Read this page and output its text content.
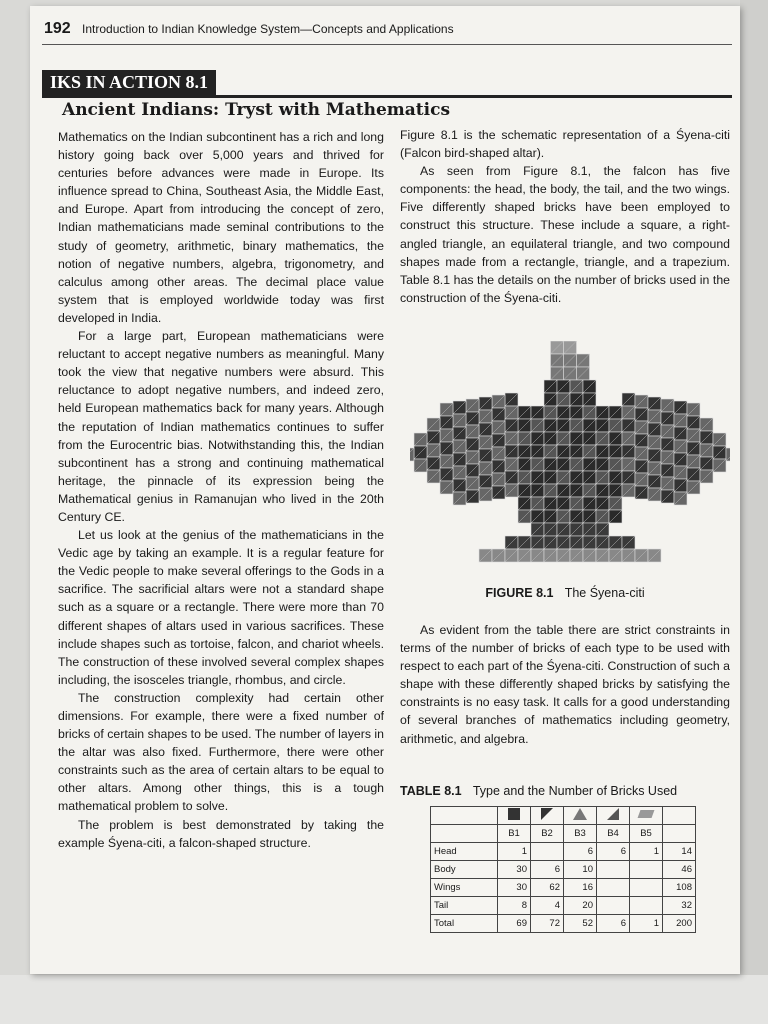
192 Introduction to Indian Knowledge System—Concepts and Applications
IKS IN ACTION 8.1
Ancient Indians: Tryst with Mathematics

Mathematics on the Indian subcontinent has a rich and long history going back over 5,000 years and thrived for centuries before advances were made in Europe. Its influence spread to China, Southeast Asia, the Middle East, and Europe. Apart from introducing the concept of zero, Indian mathematicians made seminal contributions to the study of geometry, arithmetic, binary mathematics, the notion of negative numbers, algebra, trigonometry, and calculus among other areas. The decimal place value system that is employed worldwide today was first developed in India.

For a large part, European mathematicians were reluctant to accept negative numbers as meaningful. Many took the view that negative numbers were absurd. This reluctance to adopt negative numbers, and indeed zero, held European mathematics back for many years. Although the reputation of Indian mathematics continues to suffer from the Eurocentric bias. Notwithstanding this, the Indian subcontinent has a strong and continuing mathematical heritage, the pinnacle of its expression being the Mathematical genius in Ramanujan who lived in the 20th Century CE.

Let us look at the genius of the mathematicians in the Vedic age by taking an example. It is a regular feature for the Vedic people to make several offerings to the Gods in a sacrifice. The sacrificial altars were not a standard shape such as a square or a rectangle. There were more than 70 different shapes of altars used in various sacrifices. These include shapes such as tortoise, falcon, and chariot wheels. The construction of these involved several complex shapes including, the isosceles triangle, rhombus, and circle.

The construction complexity had certain other dimensions. For example, there were a fixed number of bricks of certain shapes to be used. The number of layers in the altar was also fixed. Furthermore, there were other constraints such as the area of certain altars to be equal to other altars. Among other things, this is a tough mathematical problem to solve.

The problem is best demonstrated by taking the example Śyena-citi, a falcon-shaped structure.

Figure 8.1 is the schematic representation of a Śyena-citi (Falcon bird-shaped altar).

As seen from Figure 8.1, the falcon has five components: the head, the body, the tail, and the two wings. Five differently shaped bricks have been employed to construct this structure. These include a square, a right-angled triangle, an equilateral triangle, and two compound shapes made from a rectangle, triangle, and a trapezium. Table 8.1 has the details on the number of bricks used in the construction of the Śyena-citi.

FIGURE 8.1 The Śyena-citi
As evident from the table there are strict constraints in terms of the number of bricks of each type to be used with respect to each part of the Śyena-citi. Construction of such a shape with these differently shaped bricks by satisfying the constraints is no easy task. It calls for a good understanding of several branches of mathematics including geometry, arithmetic, and algebra.
TABLE 8.1 Type and the Number of Bricks Used

	B1	B2	B3	B4	B5	
Head	1		6	6	1	14
Body	30	6	10			46
Wings	30	62	16			108
Tail	8	4	20			32
Total	69	72	52	6	1	200
